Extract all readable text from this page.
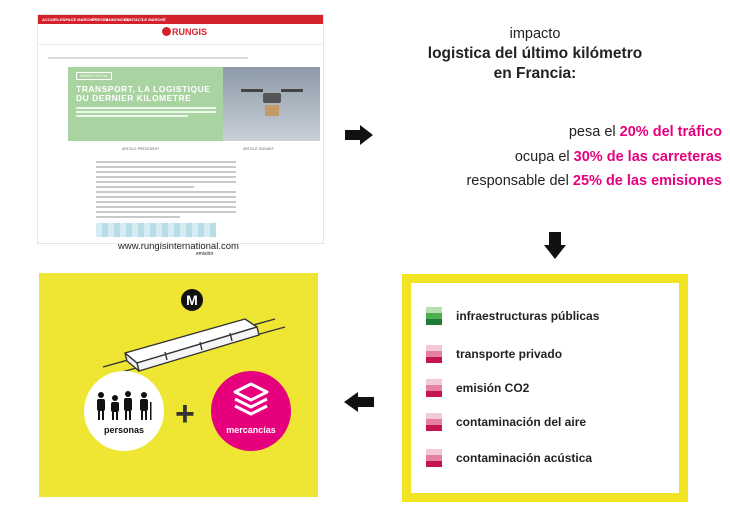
ACCUEIL ESPACE MARCHÉ
PRESSE
ANNONCES
CONTACT
LE MARCHÉ
RUNGIS
RUNGIS DIGITAL
TRANSPORT, LA LOGISTIQUE
DU DERNIER KILOMETRE
ARTICLE PRÉCÉDENT	ARTICLE SUIVANT
www.rungisinternational.com
emisión
impacto
logistica del último kilómetro
en Francia:
pesa el 20% del tráfico
ocupa el 30% de las carreteras
responsable del 25% de las emisiones
infraestructuras públicas
transporte privado
emisión CO2
contaminación del aire
contaminación acústica
M
personas +	mercancías
